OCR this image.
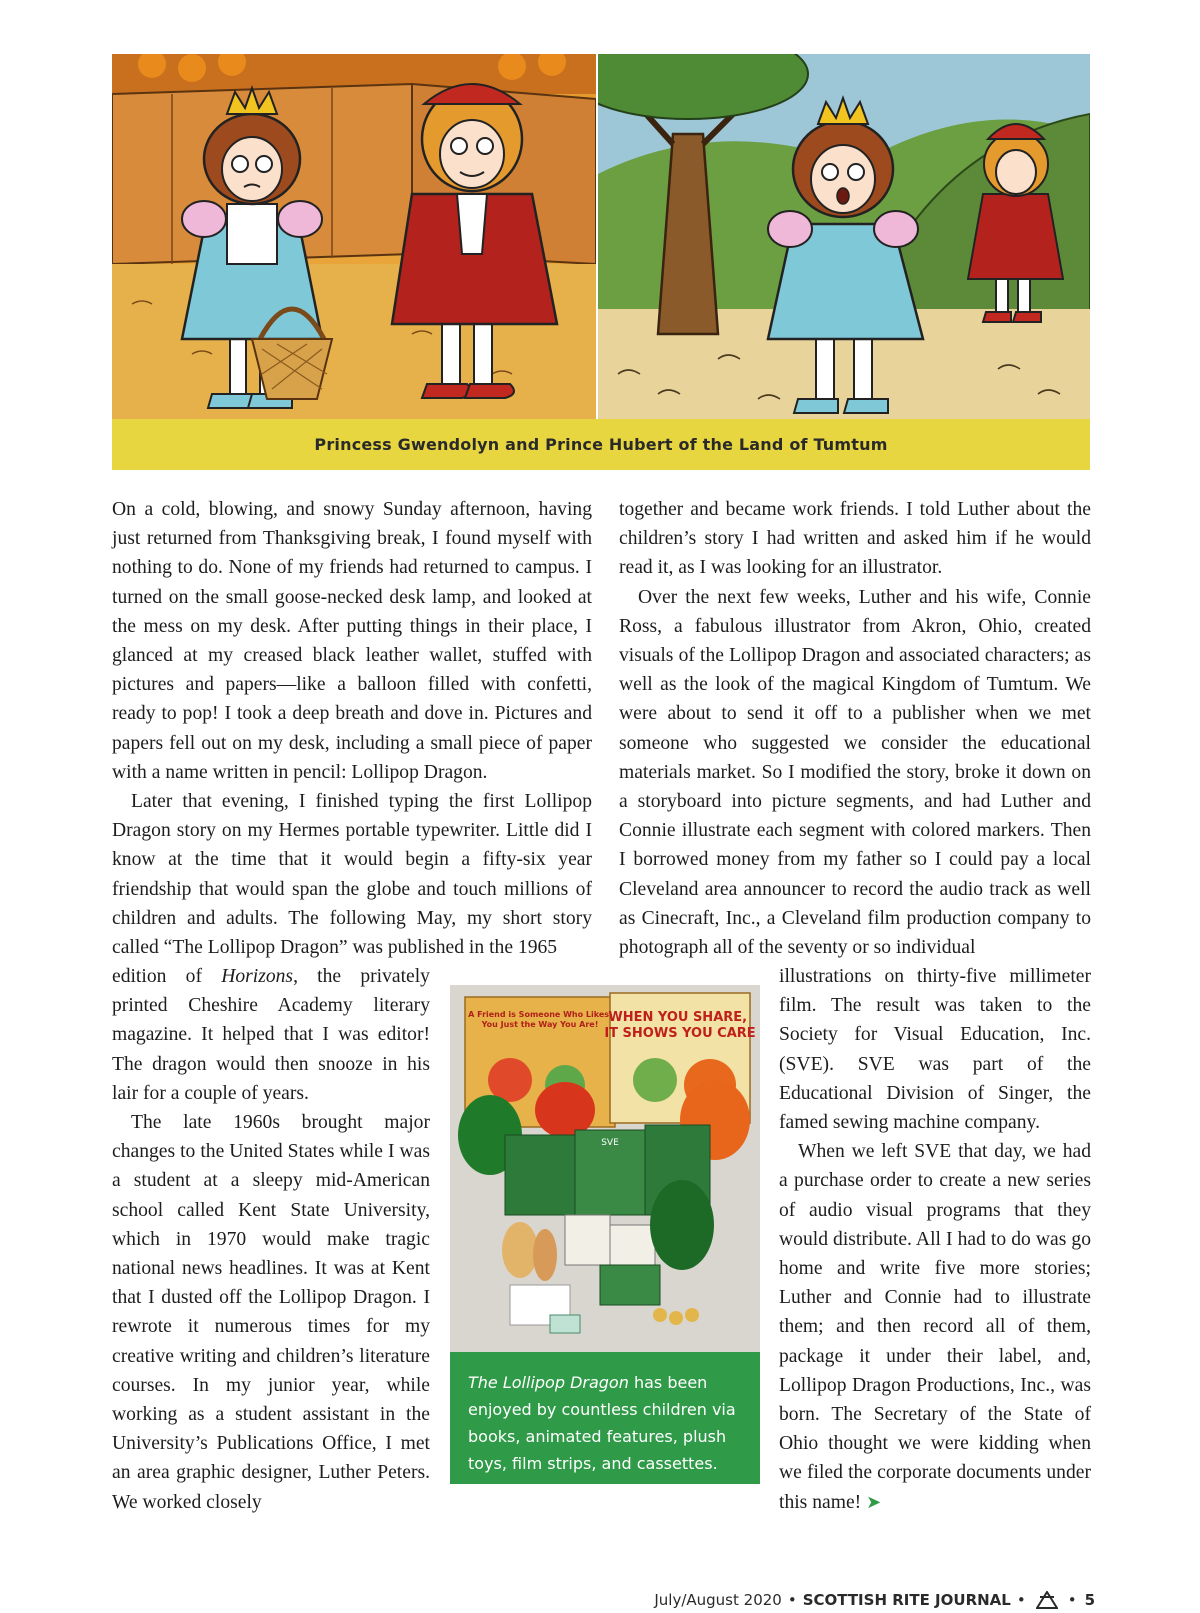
Princess Gwendolyn and Prince Hubert of the Land of Tumtum

On a cold, blowing, and snowy Sunday afternoon, having just returned from Thanksgiving break, I found myself with nothing to do. None of my friends had returned to campus. I turned on the small goose-necked desk lamp, and looked at the mess on my desk. After putting things in their place, I glanced at my creased black leather wallet, stuffed with pictures and papers—like a balloon filled with confetti, ready to pop! I took a deep breath and dove in. Pictures and papers fell out on my desk, including a small piece of paper with a name written in pencil: Lollipop Dragon.

Later that evening, I finished typing the first Lollipop Dragon story on my Hermes portable typewriter. Little did I know at the time that it would begin a fifty-six year friendship that would span the globe and touch millions of children and adults. The following May, my short story called “The Lollipop Dragon” was published in the 1965

edition of Horizons, the privately printed Cheshire Academy literary magazine. It helped that I was editor! The dragon would then snooze in his lair for a couple of years.

The late 1960s brought major changes to the United States while I was a student at a sleepy mid-American school called Kent State University, which in 1970 would make tragic national news headlines. It was at Kent that I dusted off the Lollipop Dragon. I rewrote it numerous times for my creative writing and children’s literature courses. In my junior year, while working as a student assistant in the University’s Publications Office, I met an area graphic designer, Luther Peters. We worked closely

together and became work friends. I told Luther about the children’s story I had written and asked him if he would read it, as I was looking for an illustrator.

Over the next few weeks, Luther and his wife, Connie Ross, a fabulous illustrator from Akron, Ohio, created visuals of the Lollipop Dragon and associated characters; as well as the look of the magical Kingdom of Tumtum. We were about to send it off to a publisher when we met someone who suggested we consider the educational materials market. So I modified the story, broke it down on a storyboard into picture segments, and had Luther and Connie illustrate each segment with colored markers. Then I borrowed money from my father so I could pay a local Cleveland area announcer to record the audio track as well as Cinecraft, Inc., a Cleveland film production company to photograph all of the seventy or so individual

illustrations on thirty-five millimeter film. The result was taken to the Society for Visual Education, Inc. (SVE). SVE was part of the Educational Division of Singer, the famed sewing machine company.

When we left SVE that day, we had a purchase order to create a new series of audio visual programs that they would distribute. All I had to do was go home and write five more stories; Luther and Connie had to illustrate them; and then record all of them, package it under their label, and, Lollipop Dragon Productions, Inc., was born. The Secretary of the State of Ohio thought we were kidding when we filed the corporate documents under this name! ➤

A Friend is Someone Who Likes You Just the Way You Are! WHEN YOU SHARE, IT SHOWS YOU CARE
SVE
The Lollipop Dragon has been enjoyed by countless children via books, animated features, plush toys, film strips, and cassettes.
July/August 2020 • SCOTTISH RITE JOURNAL •	• 5
